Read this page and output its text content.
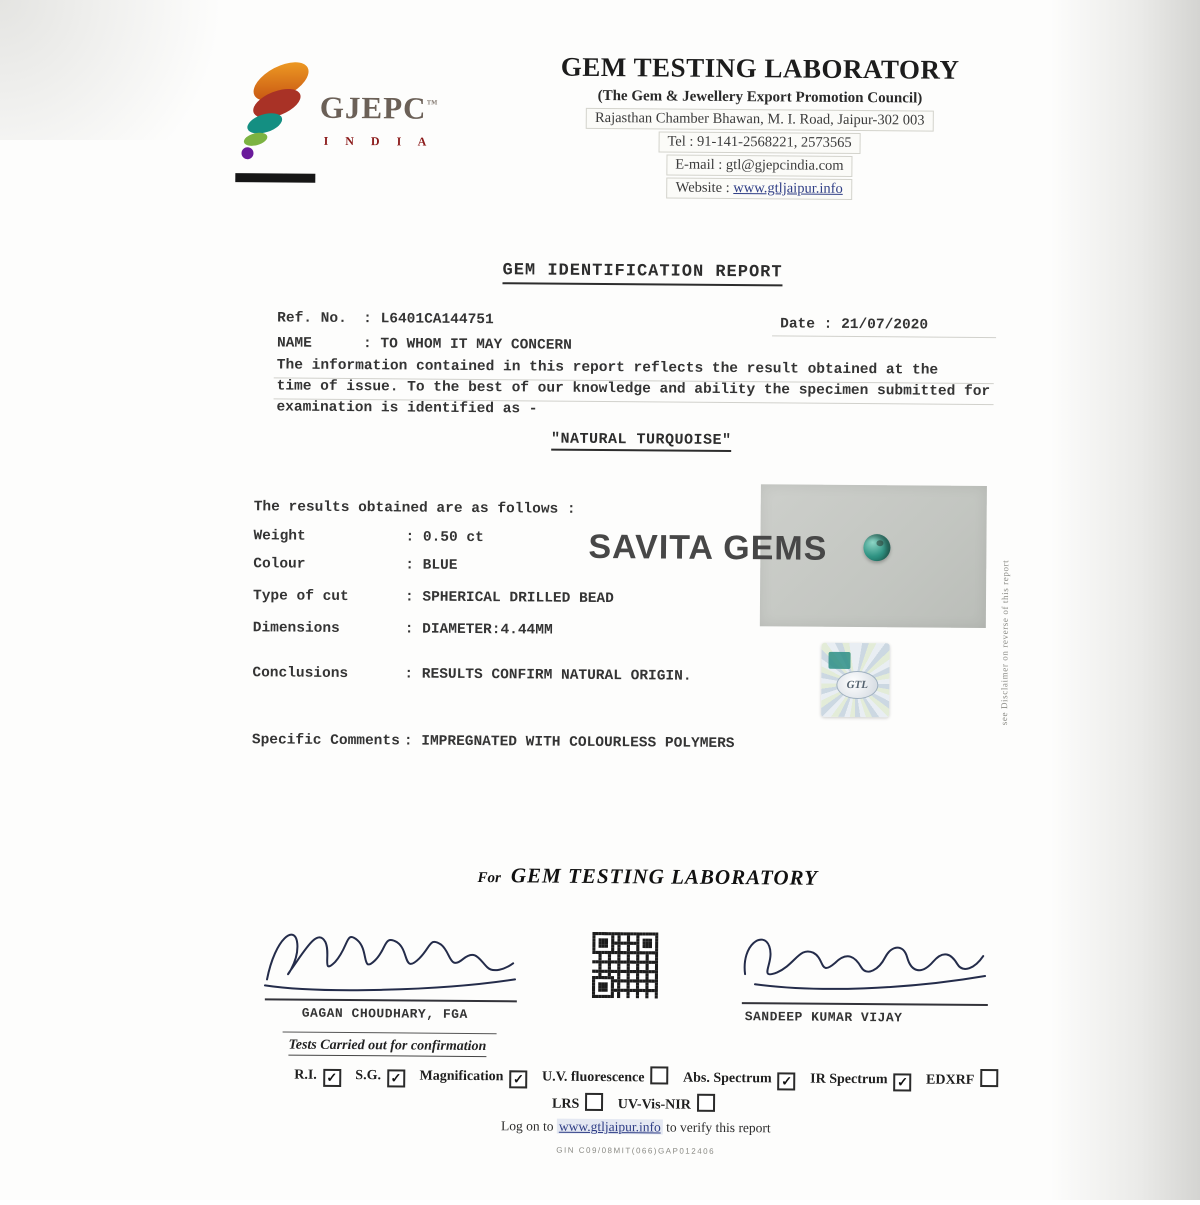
GJEPC™
I N D I A
GEM TESTING LABORATORY
(The Gem & Jewellery Export Promotion Council)
Rajasthan Chamber Bhawan, M. I. Road, Jaipur-302 003
Tel : 91-141-2568221, 2573565
E-mail : gtl@gjepcindia.com
Website : www.gtljaipur.info
GEM IDENTIFICATION REPORT
Ref. No. : L6401CA144751	Date : 21/07/2020
NAME	: TO WHOM IT MAY CONCERN
The information contained in this report reflects the result obtained at the
time of issue. To the best of our knowledge and ability the specimen submitted for
examination is identified as -
"NATURAL TURQUOISE"
The results obtained are as follows :
Weight	: 0.50 ct
Colour	: BLUE
Type of cut	: SPHERICAL DRILLED BEAD
Dimensions	: DIAMETER:4.44MM
Conclusions	: RESULTS CONFIRM NATURAL ORIGIN.
Specific Comments : IMPREGNATED WITH COLOURLESS POLYMERS
SAVITA GEMS
see Disclaimer on reverse of this report
GTL
For GEM TESTING LABORATORY
GAGAN CHOUDHARY, FGA	SANDEEP KUMAR VIJAY
Tests Carried out for confirmation
R.I. ✓ S.G. ✓ Magnification ✓ U.V. fluorescence	Abs. Spectrum ✓ IR Spectrum ✓ EDXRF
LRS	UV-Vis-NIR
Log on to www.gtljaipur.info to verify this report
GIN C09/08MIT(066)GAP012406
